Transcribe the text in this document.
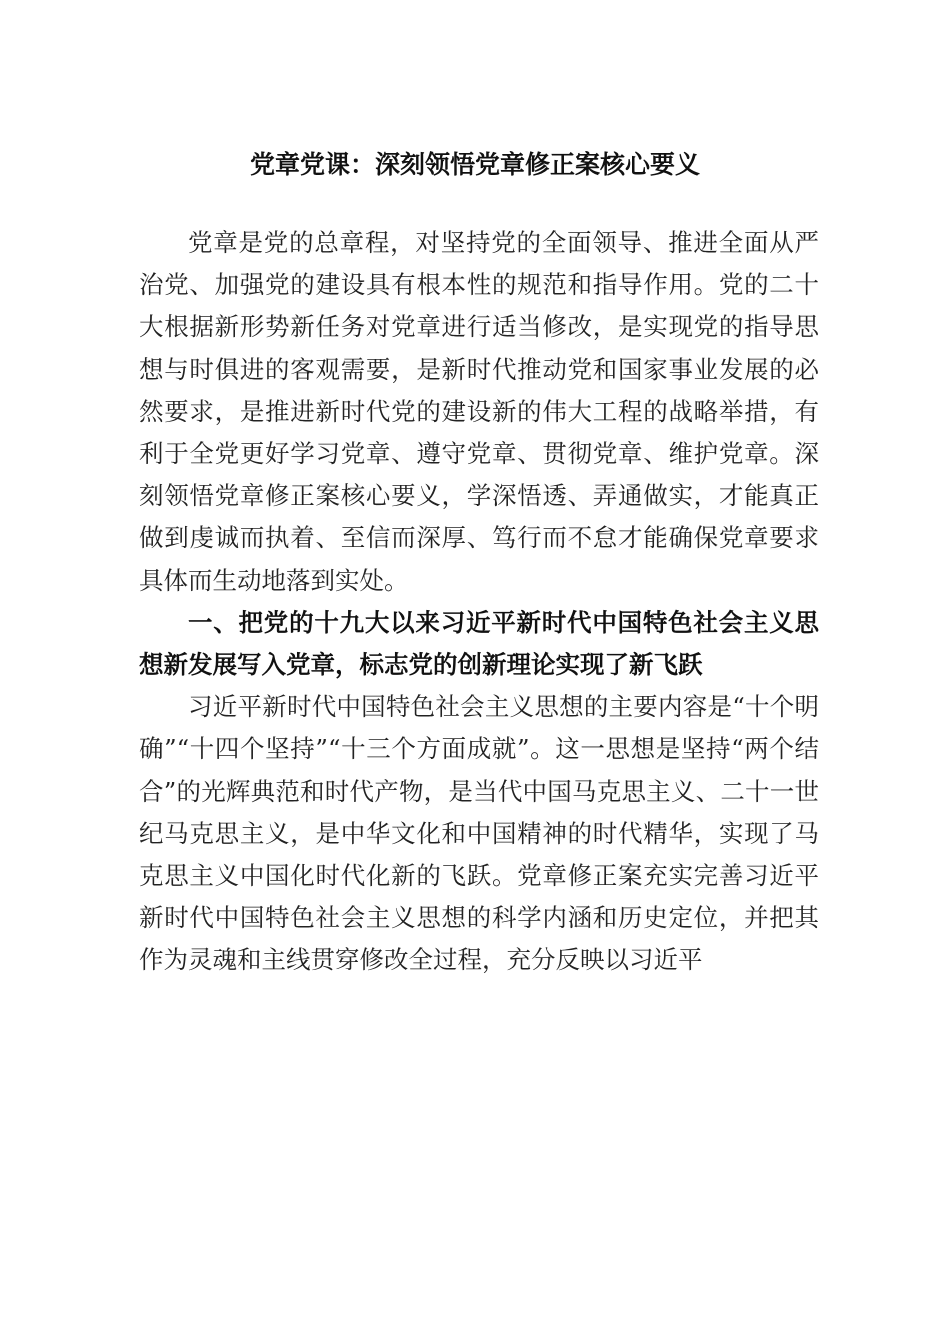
党章党课：深刻领悟党章修正案核心要义

党章是党的总章程，对坚持党的全面领导、推进全面从严治党、加强党的建设具有根本性的规范和指导作用。党的二十大根据新形势新任务对党章进行适当修改，是实现党的指导思想与时俱进的客观需要，是新时代推动党和国家事业发展的必然要求，是推进新时代党的建设新的伟大工程的战略举措，有利于全党更好学习党章、遵守党章、贯彻党章、维护党章。深刻领悟党章修正案核心要义，学深悟透、弄通做实，才能真正做到虔诚而执着、至信而深厚、笃行而不怠才能确保党章要求具体而生动地落到实处。

一、把党的十九大以来习近平新时代中国特色社会主义思想新发展写入党章，标志党的创新理论实现了新飞跃

习近平新时代中国特色社会主义思想的主要内容是“十个明确”“十四个坚持”“十三个方面成就”。这一思想是坚持“两个结合”的光辉典范和时代产物，是当代中国马克思主义、二十一世纪马克思主义，是中华文化和中国精神的时代精华，实现了马克思主义中国化时代化新的飞跃。党章修正案充实完善习近平新时代中国特色社会主义思想的科学内涵和历史定位，并把其作为灵魂和主线贯穿修改全过程，充分反映以习近平
